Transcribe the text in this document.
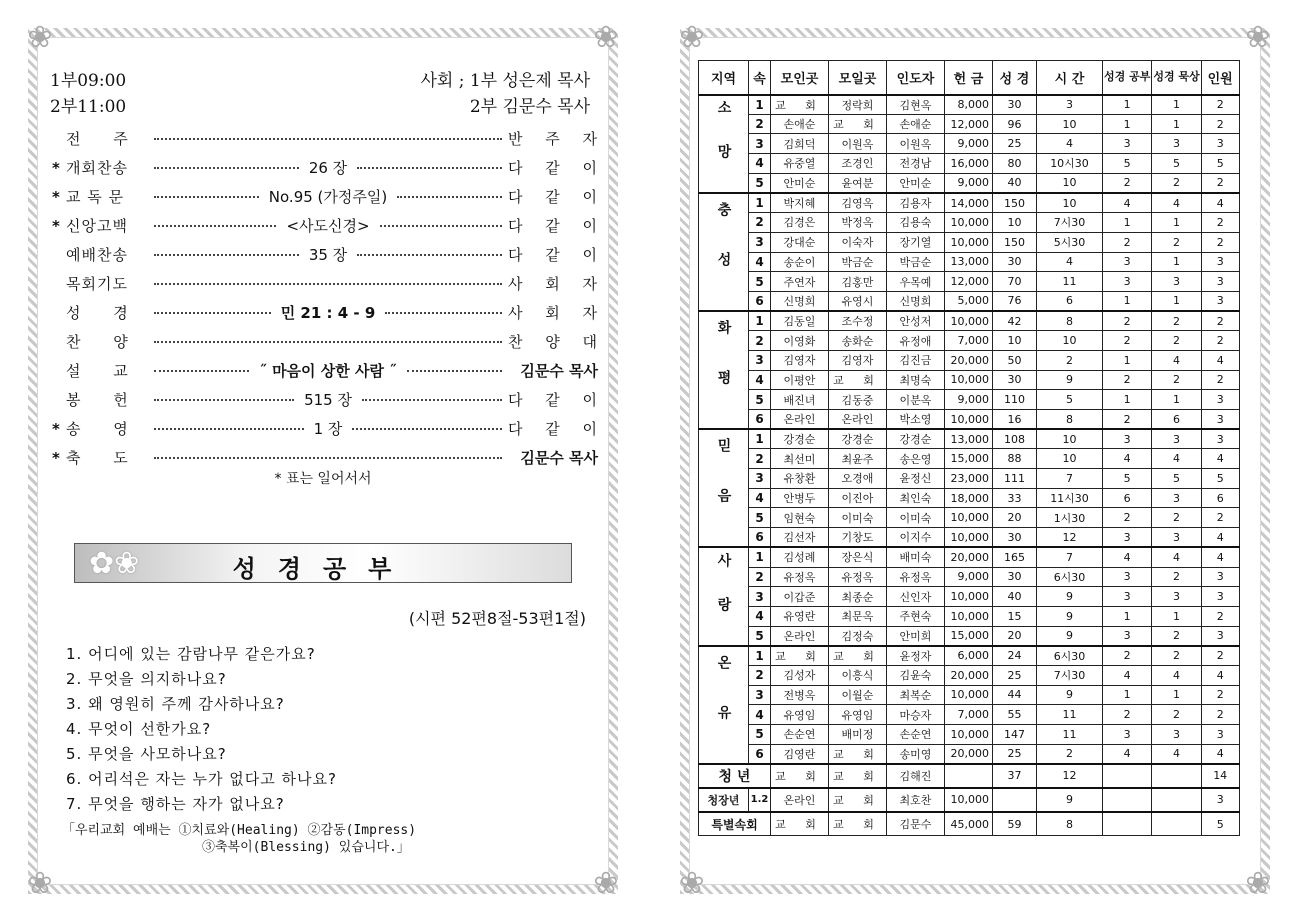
❀	❀
❀	❀
1부09:00
2부11:00
사회 ; 1부 성은제 목사
2부 김문수 목사
전 주	반 주 자
* 개회찬송	26 장	다 같 이
* 교 독 문	No.95 (가정주일)	다 같 이
* 신앙고백	<사도신경>	다 같 이
예배찬송	35 장	다 같 이
목회기도	사 회 자
성 경	민 21 : 4 - 9	사 회 자
찬 양	찬 양 대
설 교	˝ 마음이 상한 사람 ˝	김문수 목사
봉 헌	515 장	다 같 이
* 송 영	1 장	다 같 이
* 축 도	김문수 목사
* 표는 일어서서
✿❀	성경공부
(시편 52편8절-53편1절)
1. 어디에 있는 감람나무 같은가요?
2. 무엇을 의지하나요?
3. 왜 영원히 주께 감사하나요?
4. 무엇이 선한가요?
5. 무엇을 사모하나요?
6. 어리석은 자는 누가 없다고 하나요?
7. 무엇을 행하는 자가 없나요?
「우리교회 예배는 ①치료와(Healing) ②감동(Impress)
③축복이(Blessing) 있습니다.」
❀	❀
❀	❀
지역	속	모인곳	모일곳	인도자	헌 금	성 경	시 간	성경 공부	성경 묵상	인원

소망	1	교 회	정락희	김현옥	8,000	30	3	1	1	2
	2	손애순	교 회	손애순	12,000	96	10	1	1	2
	3	김희덕	이원옥	이원옥	9,000	25	4	3	3	3
	4	유중열	조경인	전경남	16,000	80	10시30	5	5	5
	5	안미순	윤여분	안미순	9,000	40	10	2	2	2

충성	1	박지혜	김영옥	김용자	14,000	150	10	4	4	4
	2	김경은	박정옥	김용숙	10,000	10	7시30	1	1	2
	3	강대순	이숙자	장기열	10,000	150	5시30	2	2	2
	4	송순이	박금순	박금순	13,000	30	4	3	1	3
	5	주연자	김홍만	우목예	12,000	70	11	3	3	3
	6	신명희	유영시	신명희	5,000	76	6	1	1	3

화평	1	김동일	조수정	안성저	10,000	42	8	2	2	2
	2	이영화	송화순	유정애	7,000	10	10	2	2	2
	3	김영자	김영자	김진금	20,000	50	2	1	4	4
	4	이평안	교 회	최명숙	10,000	30	9	2	2	2
	5	배진녀	김동중	이분옥	9,000	110	5	1	1	3
	6	온라인	온라인	박소영	10,000	16	8	2	6	3

믿음	1	강경순	강경순	강경순	13,000	108	10	3	3	3
	2	최선미	최윤주	송은영	15,000	88	10	4	4	4
	3	유창환	오경애	윤정신	23,000	111	7	5	5	5
	4	안병두	이진아	최인숙	18,000	33	11시30	6	3	6
	5	임현숙	이미숙	이미숙	10,000	20	1시30	2	2	2
	6	김선자	기창도	이지수	10,000	30	12	3	3	4

사랑	1	김성례	장은식	배미숙	20,000	165	7	4	4	4
	2	유정옥	유정옥	유정옥	9,000	30	6시30	3	2	3
	3	이갑준	최종순	신인자	10,000	40	9	3	3	3
	4	유영란	최문옥	주현숙	10,000	15	9	1	1	2
	5	온라인	김정숙	안미희	15,000	20	9	3	2	3

온유	1	교 회	교 회	윤정자	6,000	24	6시30	2	2	2
	2	김성자	이흥식	김윤숙	20,000	25	7시30	4	4	4
	3	전병옥	이월순	최복순	10,000	44	9	1	1	2
	4	유영임	유영임	마승자	7,000	55	11	2	2	2
	5	손순연	배미정	손순연	10,000	147	11	3	3	3
	6	김영란	교 회	송미영	20,000	25	2	4	4	4
청 년		교 회	교 회	김해진		37	12			14
청장년	1.2	온라인	교 회	최호찬	10,000		9			3
특별속회		교 회	교 회	김문수	45,000	59	8			5
